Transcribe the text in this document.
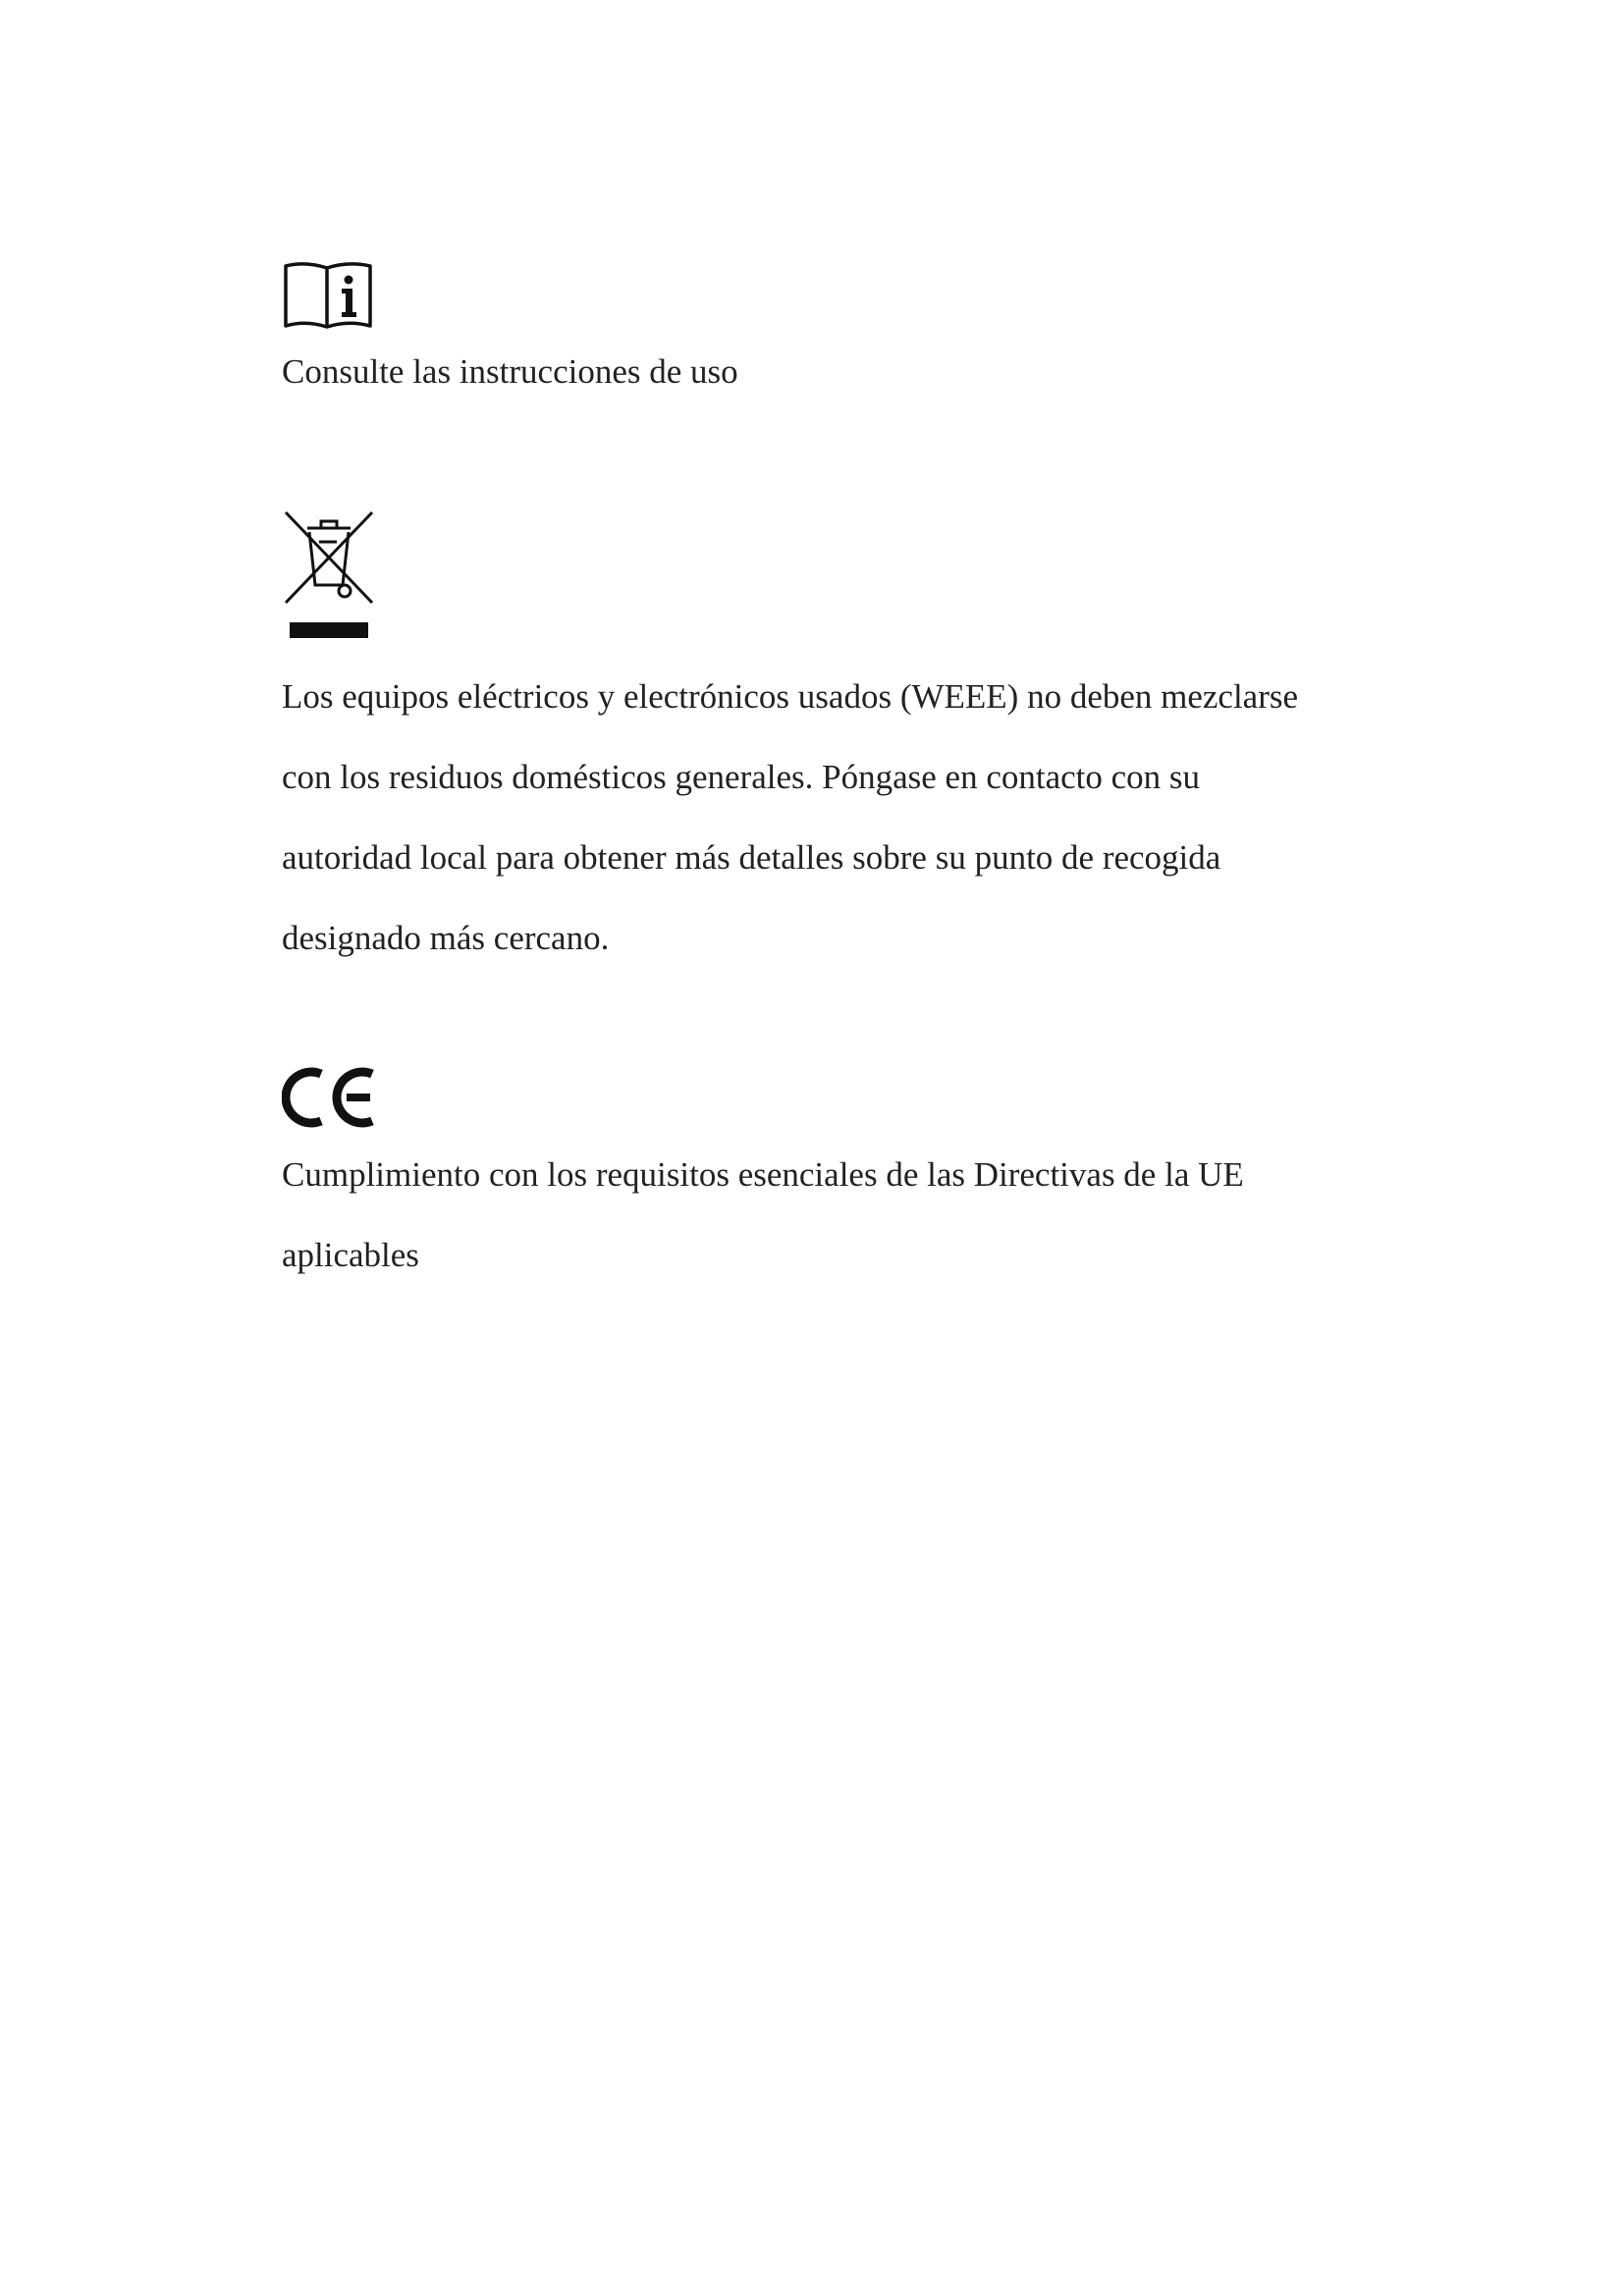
Consulte las instrucciones de uso
Los equipos eléctricos y electrónicos usados (WEEE) no deben mezclarse
con los residuos domésticos generales. Póngase en contacto con su
autoridad local para obtener más detalles sobre su punto de recogida
designado más cercano.
Cumplimiento con los requisitos esenciales de las Directivas de la UE
aplicables
